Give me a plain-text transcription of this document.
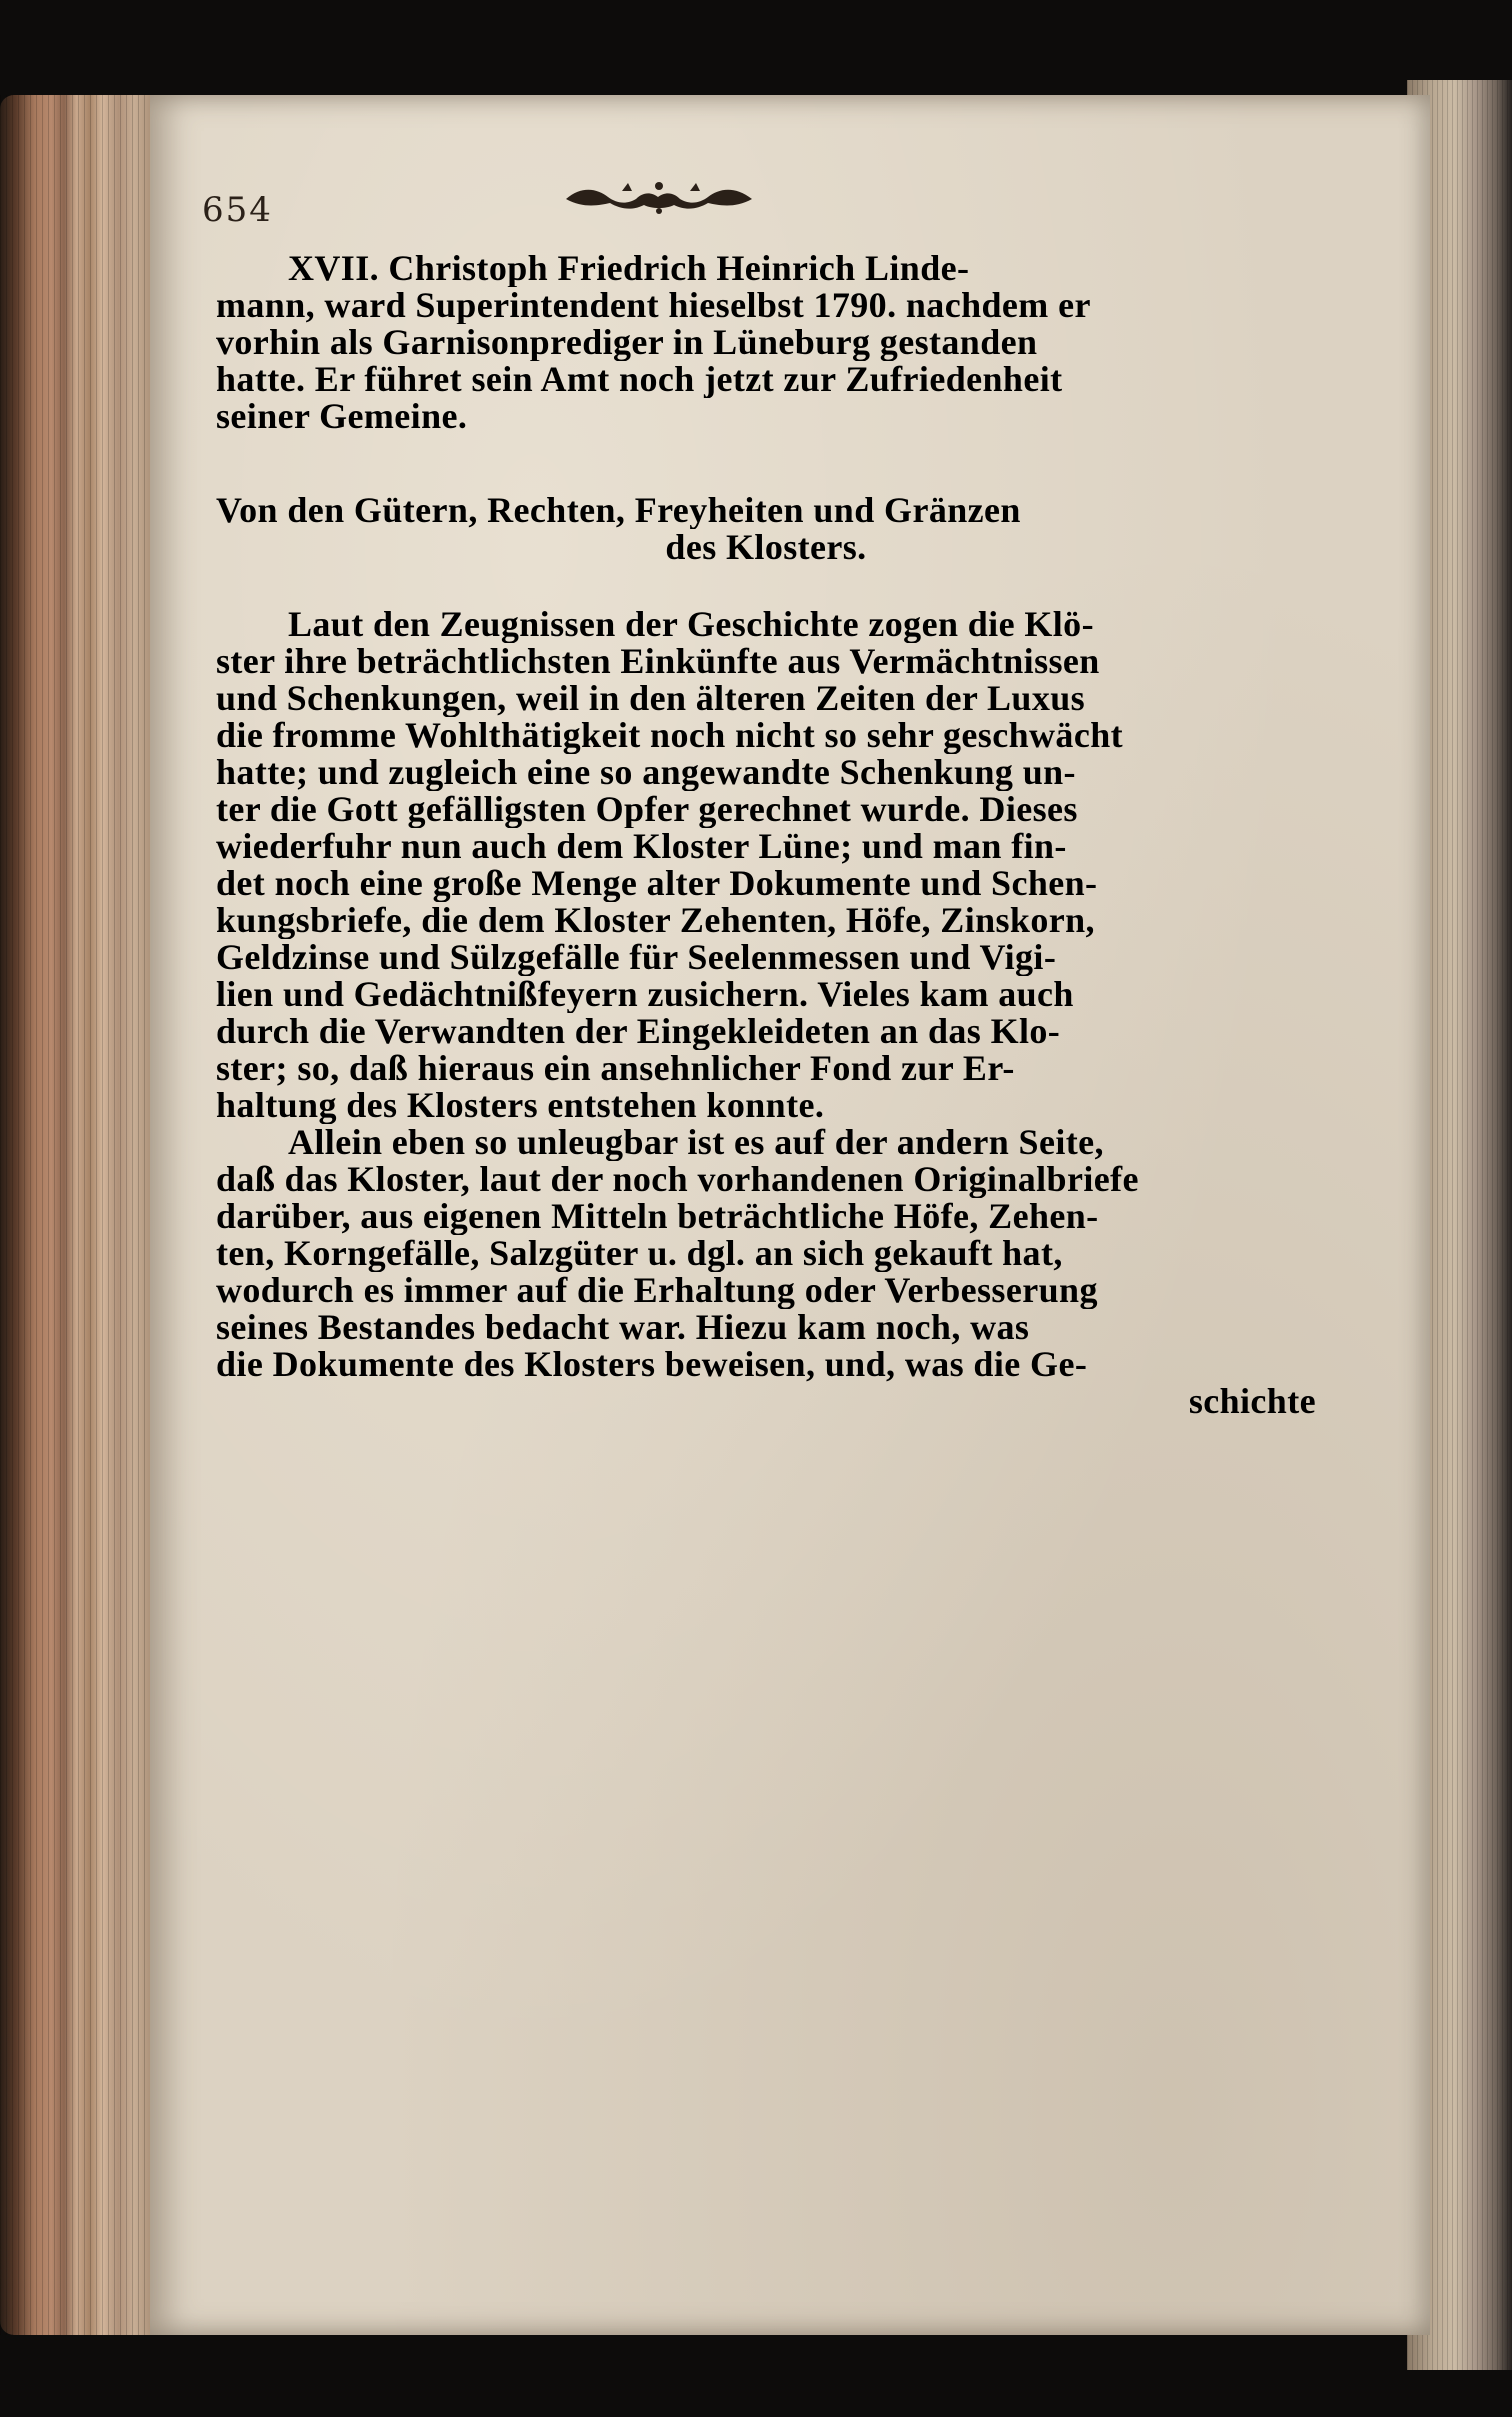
654

XVII. Christoph Friedrich Heinrich Linde-

mann, ward Superintendent hieselbst 1790. nachdem er

vorhin als Garnisonprediger in Lüneburg gestanden

hatte. Er führet sein Amt noch jetzt zur Zufriedenheit

seiner Gemeine.

Von den Gütern, Rechten, Freyheiten und Gränzen

des Klosters.

Laut den Zeugnissen der Geschichte zogen die Klö-

ster ihre beträchtlichsten Einkünfte aus Vermächtnissen

und Schenkungen, weil in den älteren Zeiten der Luxus

die fromme Wohlthätigkeit noch nicht so sehr geschwächt

hatte; und zugleich eine so angewandte Schenkung un-

ter die Gott gefälligsten Opfer gerechnet wurde. Dieses

wiederfuhr nun auch dem Kloster Lüne; und man fin-

det noch eine große Menge alter Dokumente und Schen-

kungsbriefe, die dem Kloster Zehenten, Höfe, Zinskorn,

Geldzinse und Sülzgefälle für Seelenmessen und Vigi-

lien und Gedächtnißfeyern zusichern. Vieles kam auch

durch die Verwandten der Eingekleideten an das Klo-

ster; so, daß hieraus ein ansehnlicher Fond zur Er-

haltung des Klosters entstehen konnte.

Allein eben so unleugbar ist es auf der andern Seite,

daß das Kloster, laut der noch vorhandenen Originalbriefe

darüber, aus eigenen Mitteln beträchtliche Höfe, Zehen-

ten, Korngefälle, Salzgüter u. dgl. an sich gekauft hat,

wodurch es immer auf die Erhaltung oder Verbesserung

seines Bestandes bedacht war. Hiezu kam noch, was

die Dokumente des Klosters beweisen, und, was die Ge-

schichte
